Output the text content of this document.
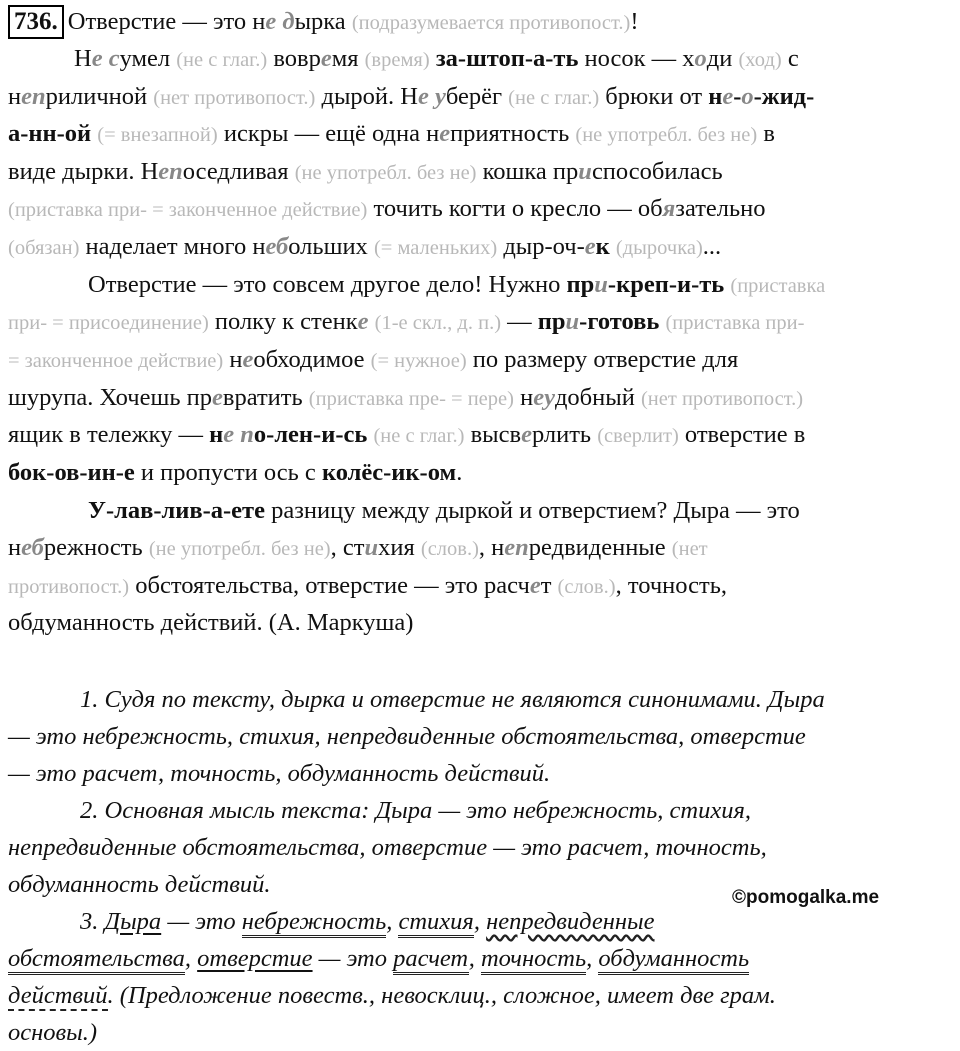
736. Отверстие — это не дырка (подразумевается противопост.)!
Не сумел (не с глаг.) вовремя (время) за-штоп-а-ть носок — ходи (ход) с
неприличной (нет противопост.) дырой. Не уберёг (не с глаг.) брюки от не-о-жид-
а-нн-ой (= внезапной) искры — ещё одна неприятность (не употребл. без не) в
виде дырки. Непоседливая (не употребл. без не) кошка приспособилась
(приставка при- = законченное действие) точить когти о кресло — обязательно
(обязан) наделает много небольших (= маленьких) дыр-оч-ек (дырочка)...
Отверстие — это совсем другое дело! Нужно при-креп-и-ть (приставка
при- = присоединение) полку к стенке (1-е скл., д. п.) — при-готовь (приставка при-
= законченное действие) необходимое (= нужное) по размеру отверстие для
шурупа. Хочешь превратить (приставка пре- = пере) неудобный (нет противопост.)
ящик в тележку — не по-лен-и-сь (не с глаг.) высверлить (сверлит) отверстие в
бок-ов-ин-е и пропусти ось с колёс-ик-ом.
У-лав-лив-а-ете разницу между дыркой и отверстием? Дыра — это
небрежность (не употребл. без не), стихия (слов.), непредвиденные (нет
противопост.) обстоятельства, отверстие — это расчет (слов.), точность,
обдуманность действий. (А. Маркуша)
1. Судя по тексту, дырка и отверстие не являются синонимами. Дыра
— это небрежность, стихия, непредвиденные обстоятельства, отверстие
— это расчет, точность, обдуманность действий.
2. Основная мысль текста: Дыра — это небрежность, стихия,
непредвиденные обстоятельства, отверстие — это расчет, точность,
обдуманность действий.
3. Дыра — это небрежность, стихия, непредвиденные
обстоятельства, отверстие — это расчет, точность, обдуманность
действий. (Предложение повеств., невосклиц., сложное, имеет две грам.
основы.)
©pomogalka.me
